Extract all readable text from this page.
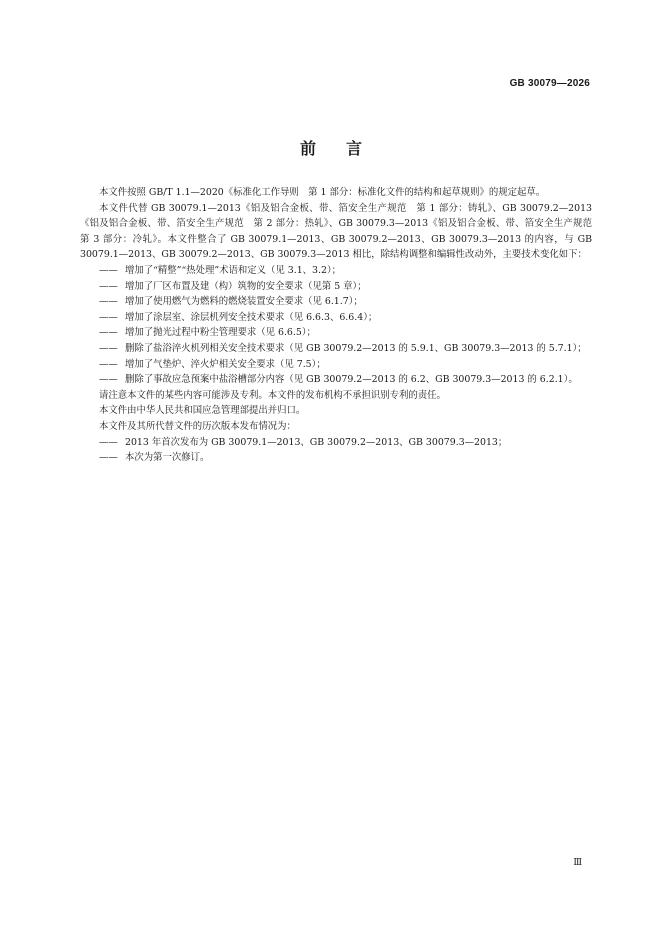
GB 30079—2026
前言

本文件按照 GB/T 1.1—2020《标准化工作导则　第 1 部分：标准化文件的结构和起草规则》的规定起草。

本文件代替 GB 30079.1—2013《铝及铝合金板、带、箔安全生产规范　第 1 部分：铸轧》、GB 30079.2—2013《铝及铝合金板、带、箔安全生产规范　第 2 部分：热轧》、GB 30079.3—2013《铝及铝合金板、带、箔安全生产规范　第 3 部分：冷轧》。本文件整合了 GB 30079.1—2013、GB 30079.2—2013、GB 30079.3—2013 的内容，与 GB 30079.1—2013、GB 30079.2—2013、GB 30079.3—2013 相比，除结构调整和编辑性改动外，主要技术变化如下：

—— 增加了“精整”“热处理”术语和定义（见 3.1、3.2）；

—— 增加了厂区布置及建（构）筑物的安全要求（见第 5 章）；

—— 增加了使用燃气为燃料的燃烧装置安全要求（见 6.1.7）；

—— 增加了涂层室、涂层机列安全技术要求（见 6.6.3、6.6.4）；

—— 增加了抛光过程中粉尘管理要求（见 6.6.5）；

—— 删除了盐浴淬火机列相关安全技术要求（见 GB 30079.2—2013 的 5.9.1、GB 30079.3—2013 的 5.7.1）；

—— 增加了气垫炉、淬火炉相关安全要求（见 7.5）；

—— 删除了事故应急预案中盐浴槽部分内容（见 GB 30079.2—2013 的 6.2、GB 30079.3—2013 的 6.2.1）。

请注意本文件的某些内容可能涉及专利。本文件的发布机构不承担识别专利的责任。

本文件由中华人民共和国应急管理部提出并归口。

本文件及其所代替文件的历次版本发布情况为：

—— 2013 年首次发布为 GB 30079.1—2013、GB 30079.2—2013、GB 30079.3—2013；

—— 本次为第一次修订。

Ⅲ
